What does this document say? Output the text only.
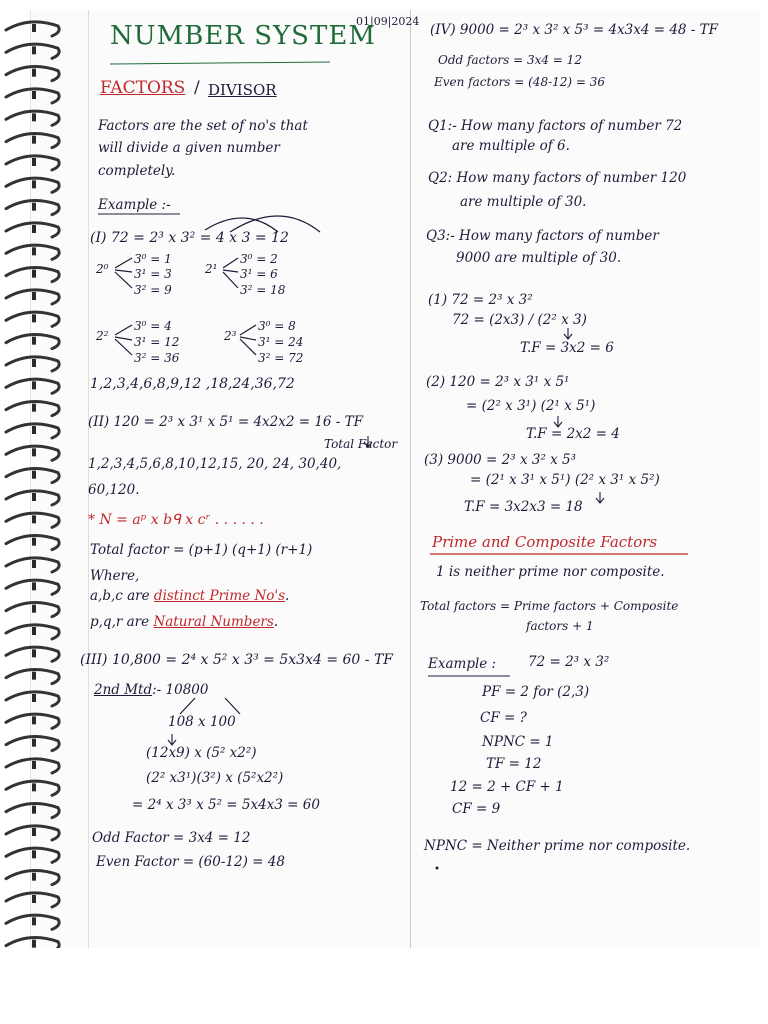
01|09|2024
NUMBER SYSTEM
FACTORS / DIVISOR
Factors are the set of no's that
will divide a given number
completely.
Example :-
(I) 72 = 2³ x 3² = 4 x 3 = 12
2⁰
3⁰ = 1
3¹ = 3
3² = 9
2¹
3⁰ = 2
3¹ = 6
3² = 18
2²
3⁰ = 4
3¹ = 12
3² = 36
2³
3⁰ = 8
3¹ = 24
3² = 72
1,2,3,4,6,8,9,12 ,18,24,36,72
(II) 120 = 2³ x 3¹ x 5¹ = 4x2x2 = 16 - TF
Total Factor
1,2,3,4,5,6,8,10,12,15, 20, 24, 30,40,
60,120.
* N = aᵖ x bᑫ x cʳ . . . . . .
Total factor = (p+1) (q+1) (r+1)
Where,
a,b,c are distinct Prime No's.
p,q,r are Natural Numbers.
(III) 10,800 = 2⁴ x 5² x 3³ = 5x3x4 = 60 - TF
2nd Mtd:- 10800
108 x 100
(12x9) x (5² x2²)
(2² x3¹)(3²) x (5²x2²)
= 2⁴ x 3³ x 5² = 5x4x3 = 60
Odd Factor = 3x4 = 12
Even Factor = (60-12) = 48
(IV) 9000 = 2³ x 3² x 5³ = 4x3x4 = 48 - TF
Odd factors = 3x4 = 12
Even factors = (48-12) = 36
Q1:- How many factors of number 72
are multiple of 6.
Q2: How many factors of number 120
are multiple of 30.
Q3:- How many factors of number
9000 are multiple of 30.
(1) 72 = 2³ x 3²
72 = (2x3) / (2² x 3)
T.F = 3x2 = 6
(2) 120 = 2³ x 3¹ x 5¹
= (2² x 3¹) (2¹ x 5¹)
T.F = 2x2 = 4
(3) 9000 = 2³ x 3² x 5³
= (2¹ x 3¹ x 5¹) (2² x 3¹ x 5²)
T.F = 3x2x3 = 18
Prime and Composite Factors
1 is neither prime nor composite.
Total factors = Prime factors + Composite
factors + 1
Example : 72 = 2³ x 3²
PF = 2 for (2,3)
CF = ?
NPNC = 1
TF = 12
12 = 2 + CF + 1
CF = 9
NPNC = Neither prime nor composite.
